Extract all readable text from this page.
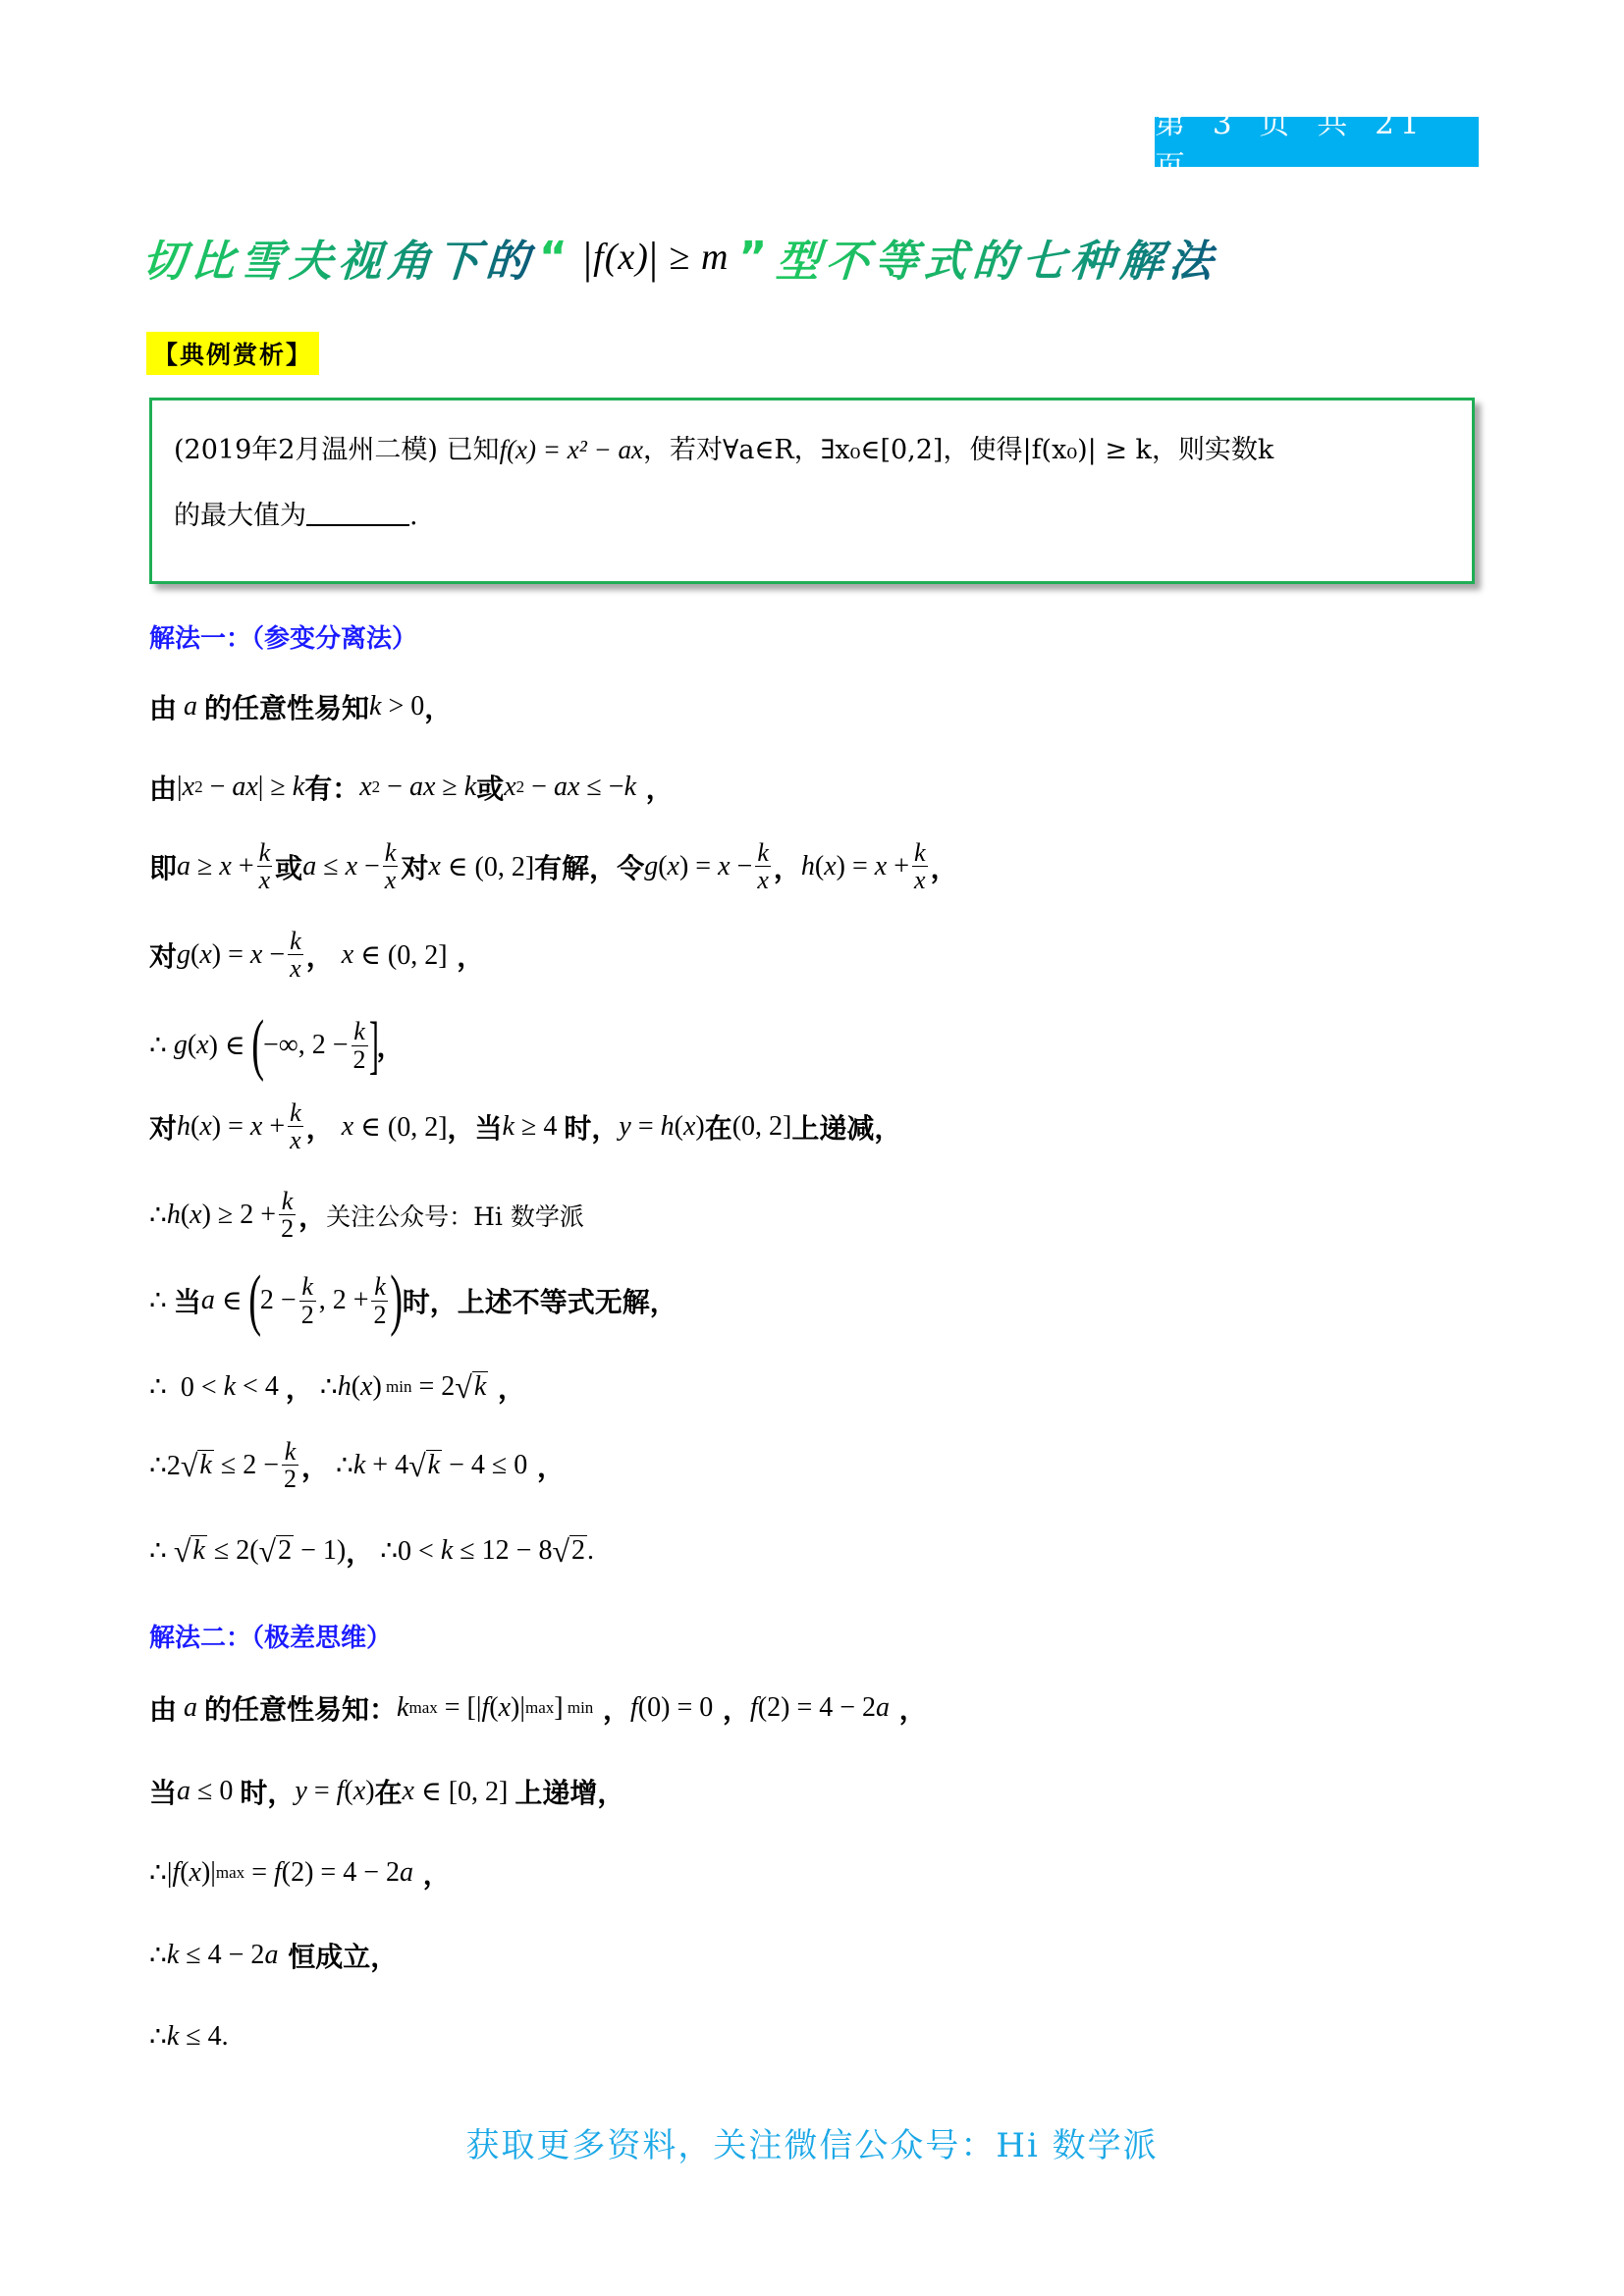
第 3 页 共 21 页
切比雪夫视角下的 “ |f(x)| ≥ m ” 型不等式的七种解法
【典例赏析】
(2019年2月温州二模) 已知f(x) = x² − ax，若对∀a∈R，∃x₀∈[0,2]，使得|f(x₀)| ≥ k，则实数k
的最大值为	.
解法一：（参变分离法）
由 a 的 任意性易知 k > 0 ，
由 | x 2 − ax | ≥ k 有： x 2 − ax ≥ k 或 x 2 − ax ≤ − k ，
即 $a \ge x + \frac{k}{x}$ 或 $a \le x - \frac{k}{x}$ 对 x ∈ (0, 2] 有解， 令 g ( x ) = $x - \frac{k}{x}$ ， h ( x ) = $x + \frac{k}{x}$ ，
对 g ( x ) = $x - \frac{k}{x}$ ， x ∈ (0, 2] ，
∴ g ( x ) ∈ ( −∞, $2 - \frac{k}{2}$ ]
，
对 h ( x ) = $x + \frac{k}{x}$ ， x ∈ (0, 2] ， 当 k ≥ 4 时， y = h ( x ) 在 (0, 2] 上递减，
∴ h ( x ) ≥ $2 + \frac{k}{2}$ ， 关注公众号：Hi 数学派
∴ 当 a ∈ ( $2 - \frac{k}{2}$ , $2 + \frac{k}{2}$ ) 时，上述不等式无解，
∴  0 < k < 4 ， ∴ h ( x ) min = 2 √ k ，
∴2 √ $k \le 2 - \frac{k}{2}$ ， ∴ k + 4 √ k − 4 ≤ 0 ，
∴ √ k ≤ 2( √ 2 − 1) ， ∴0 < k ≤ 12 − 8 √ 2 .
解法二：（极差思维）
由 a 的 任意性易知： k max = [| f ( x )| max ] min ， f (0) = 0 ， f (2) = 4 − 2 a ，
当 a ≤ 0 时， y = f ( x ) 在 x ∈ [0, 2] 上递增，
∴| f ( x )| max = f (2) = 4 − 2 a ，
∴ k ≤ 4 − 2 a
恒成立，
∴ k ≤ 4.
获取更多资料，关注微信公众号：Hi 数学派
